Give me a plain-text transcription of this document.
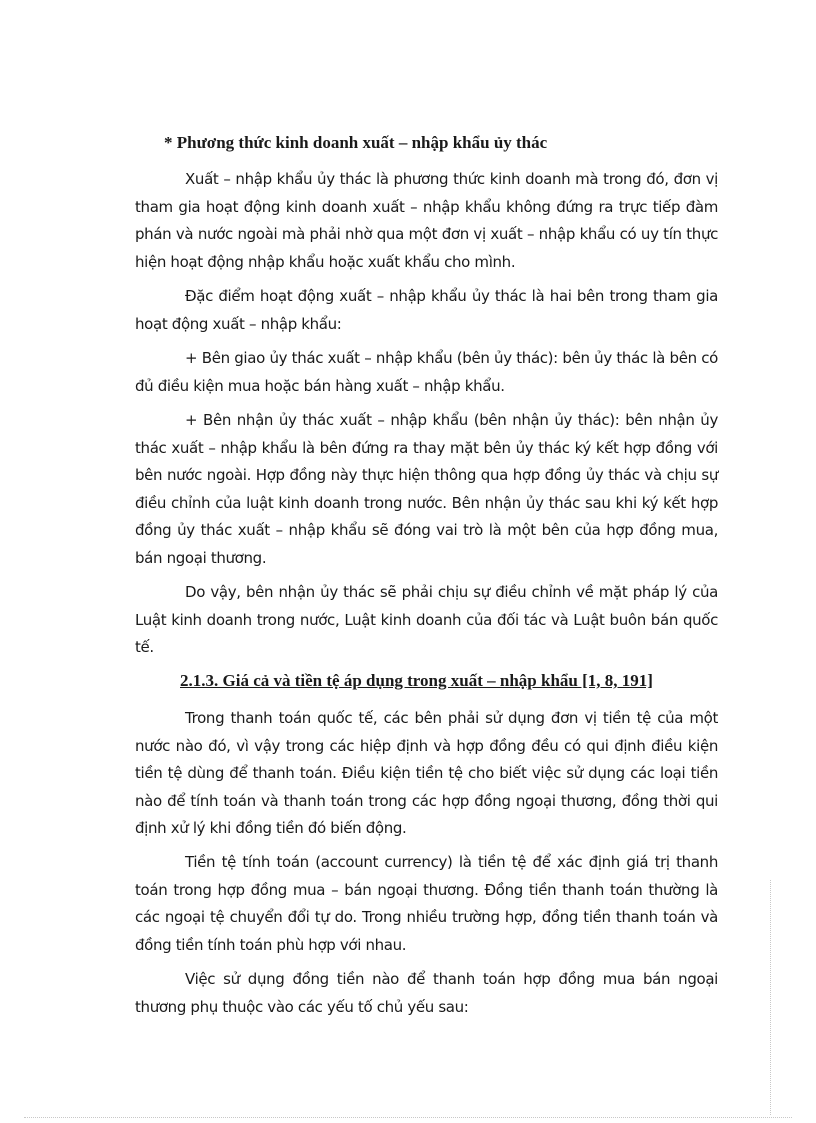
* Phương thức kinh doanh xuất – nhập khẩu ủy thác

Xuất – nhập khẩu ủy thác là phương thức kinh doanh mà trong đó, đơn vị tham gia hoạt động kinh doanh xuất – nhập khẩu không đứng ra trực tiếp đàm phán và nước ngoài mà phải nhờ qua một đơn vị xuất – nhập khẩu có uy tín thực hiện hoạt động nhập khẩu hoặc xuất khẩu cho mình.

Đặc điểm hoạt động xuất – nhập khẩu ủy thác là hai bên trong tham gia hoạt động xuất – nhập khẩu:

+ Bên giao ủy thác xuất – nhập khẩu (bên ủy thác): bên ủy thác là bên có đủ điều kiện mua hoặc bán hàng xuất – nhập khẩu.

+ Bên nhận ủy thác xuất – nhập khẩu (bên nhận ủy thác): bên nhận ủy thác xuất – nhập khẩu là bên đứng ra thay mặt bên ủy thác ký kết hợp đồng với bên nước ngoài. Hợp đồng này thực hiện thông qua hợp đồng ủy thác và chịu sự điều chỉnh của luật kinh doanh trong nước. Bên nhận ủy thác sau khi ký kết hợp đồng ủy thác xuất – nhập khẩu sẽ đóng vai trò là một bên của hợp đồng mua, bán ngoại thương.

Do vậy, bên nhận ủy thác sẽ phải chịu sự điều chỉnh về mặt pháp lý của Luật kinh doanh trong nước, Luật kinh doanh của đối tác và Luật buôn bán quốc tế.

2.1.3. Giá cả và tiền tệ áp dụng trong xuất – nhập khẩu [1, 8, 191]

Trong thanh toán quốc tế, các bên phải sử dụng đơn vị tiền tệ của một nước nào đó, vì vậy trong các hiệp định và hợp đồng đều có qui định điều kiện tiền tệ dùng để thanh toán. Điều kiện tiền tệ cho biết việc sử dụng các loại tiền nào để tính toán và thanh toán trong các hợp đồng ngoại thương, đồng thời qui định xử lý khi đồng tiền đó biến động.

Tiền tệ tính toán (account currency) là tiền tệ để xác định giá trị thanh toán trong hợp đồng mua – bán ngoại thương. Đồng tiền thanh toán thường là các ngoại tệ chuyển đổi tự do. Trong nhiều trường hợp, đồng tiền thanh toán và đồng tiền tính toán phù hợp với nhau.

Việc sử dụng đồng tiền nào để thanh toán hợp đồng mua bán ngoại thương phụ thuộc vào các yếu tố chủ yếu sau:
